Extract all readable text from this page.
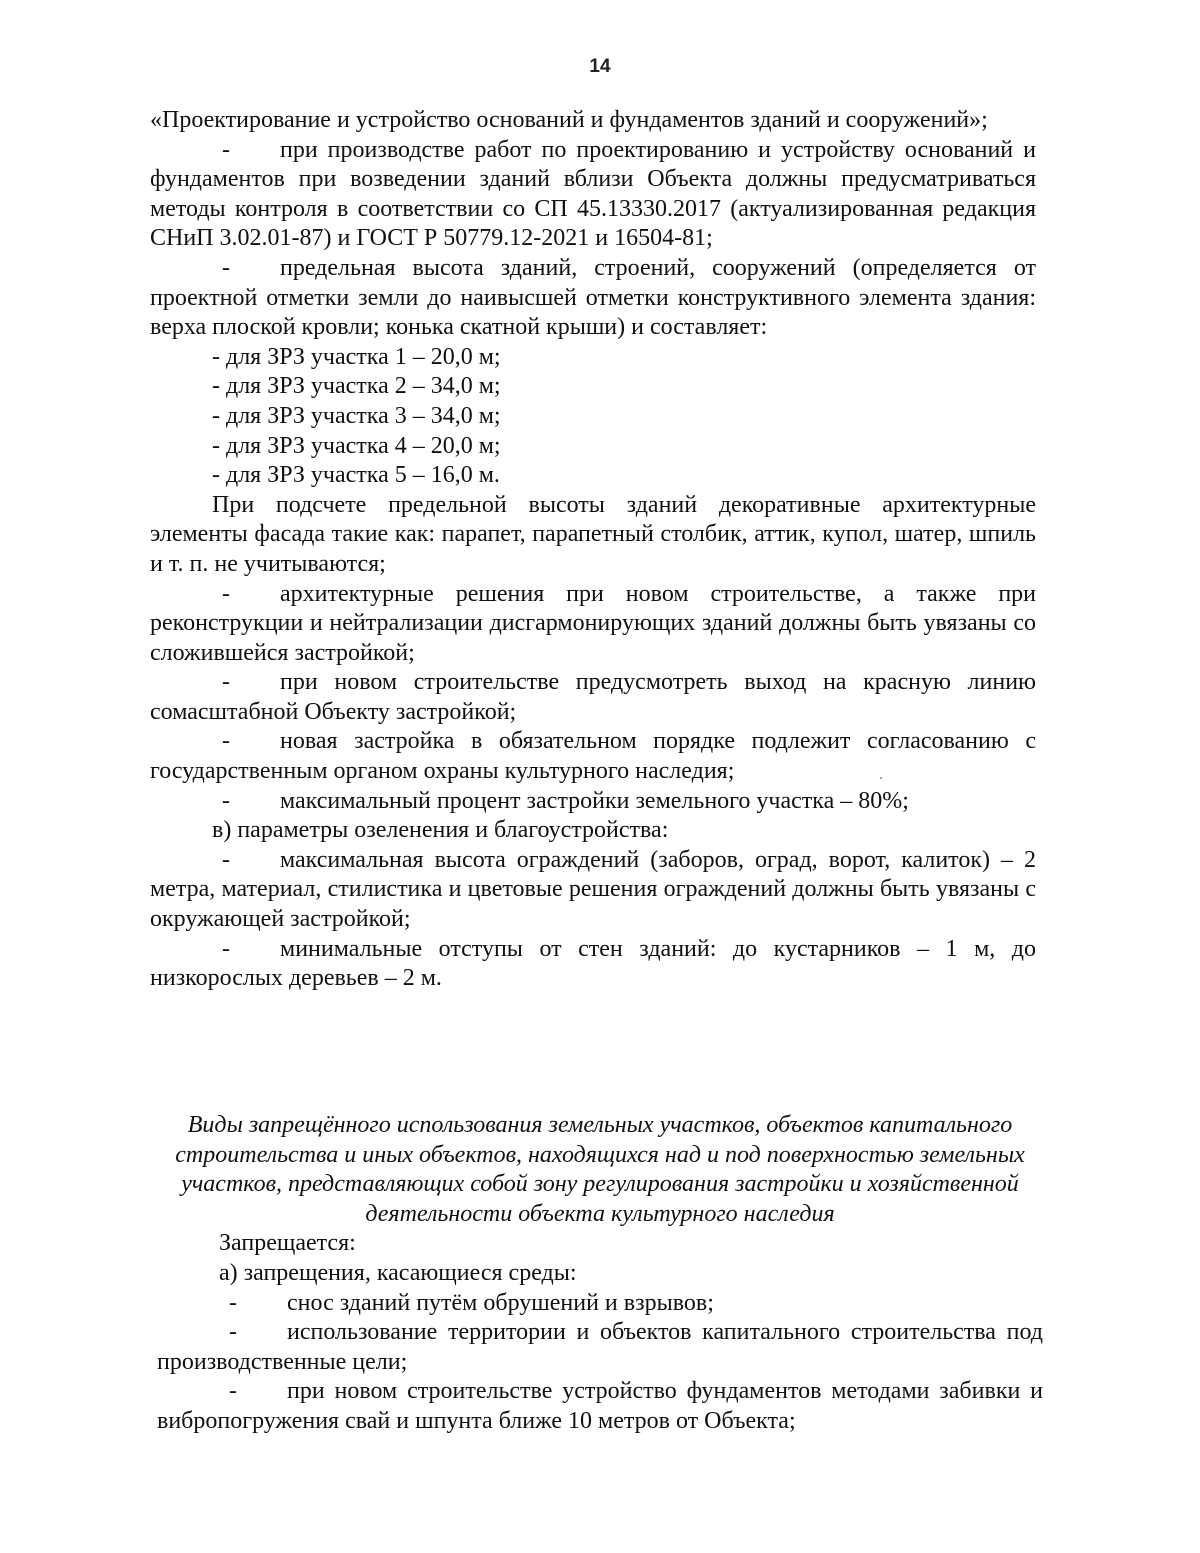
14

«Проектирование и устройство оснований и фундаментов зданий и сооружений»;

- при производстве работ по проектированию и устройству оснований и фундаментов при возведении зданий вблизи Объекта должны предусматриваться методы контроля в соответствии со СП 45.13330.2017 (актуализированная редакция СНиП 3.02.01-87) и ГОСТ Р 50779.12-2021 и 16504-81;

- предельная высота зданий, строений, сооружений (определяется от проектной отметки земли до наивысшей отметки конструктивного элемента здания: верха плоской кровли; конька скатной крыши) и составляет:

- для ЗРЗ участка 1 – 20,0 м;

- для ЗРЗ участка 2 – 34,0 м;

- для ЗРЗ участка 3 – 34,0 м;

- для ЗРЗ участка 4 – 20,0 м;

- для ЗРЗ участка 5 – 16,0 м.

При подсчете предельной высоты зданий декоративные архитектурные элементы фасада такие как: парапет, парапетный столбик, аттик, купол, шатер, шпиль и т. п. не учитываются;

- архитектурные решения при новом строительстве, а также при реконструкции и нейтрализации дисгармонирующих зданий должны быть увязаны со сложившейся застройкой;

- при новом строительстве предусмотреть выход на красную линию сомасштабной Объекту застройкой;

- новая застройка в обязательном порядке подлежит согласованию с государственным органом охраны культурного наследия;

- максимальный процент застройки земельного участка – 80%;

в) параметры озеленения и благоустройства:

- максимальная высота ограждений (заборов, оград, ворот, калиток) – 2 метра, материал, стилистика и цветовые решения ограждений должны быть увязаны с окружающей застройкой;

- минимальные отступы от стен зданий: до кустарников – 1 м, до низкорослых деревьев – 2 м.

Виды запрещённого использования земельных участков, объектов капитального строительства и иных объектов, находящихся над и под поверхностью земельных участков, представляющих собой зону регулирования застройки и хозяйственной деятельности объекта культурного наследия

Запрещается:

а) запрещения, касающиеся среды:

- снос зданий путём обрушений и взрывов;

- использование территории и объектов капитального строительства под производственные цели;

- при новом строительстве устройство фундаментов методами забивки и вибропогружения свай и шпунта ближе 10 метров от Объекта;
